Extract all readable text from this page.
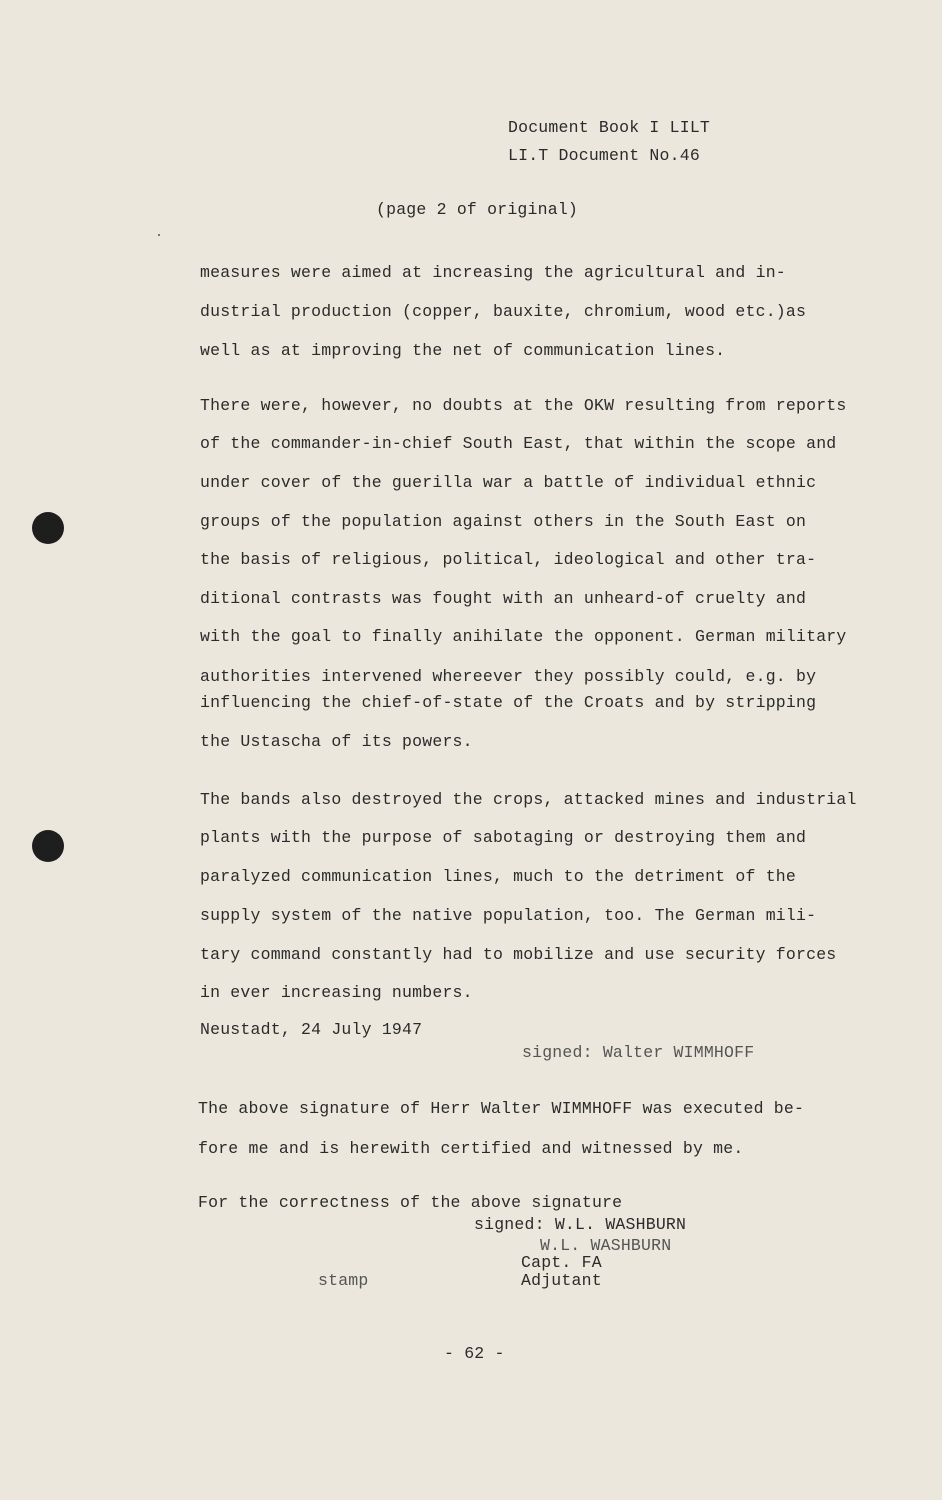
Document Book I LILT
LI.T Document No.46
(page 2 of original)
measures were aimed at increasing the agricultural and in-
dustrial production (copper, bauxite, chromium, wood etc.)as
well as at improving the net of communication lines.
There were, however, no doubts at the OKW resulting from reports
of the commander-in-chief South East, that within the scope and
under cover of the guerilla war a battle of individual ethnic
groups of the population against others in the South East on
the basis of religious, political, ideological and other tra-
ditional contrasts was fought with an unheard-of cruelty and
with the goal to finally anihilate the opponent. German military
authorities intervened whereever they possibly could, e.g. by
influencing the chief-of-state of the Croats and by stripping
the Ustascha of its powers.
The bands also destroyed the crops, attacked mines and industrial
plants with the purpose of sabotaging or destroying them and
paralyzed communication lines, much to the detriment of the
supply system of the native population, too. The German mili-
tary command constantly had to mobilize and use security forces
in ever increasing numbers.
Neustadt, 24 July 1947
signed: Walter WIMMHOFF
The above signature of Herr Walter WIMMHOFF was executed be-
fore me and is herewith certified and witnessed by me.
For the correctness of the above signature
signed: W.L. WASHBURN
W.L. WASHBURN
Capt. FA
Adjutant
stamp
- 62 -
